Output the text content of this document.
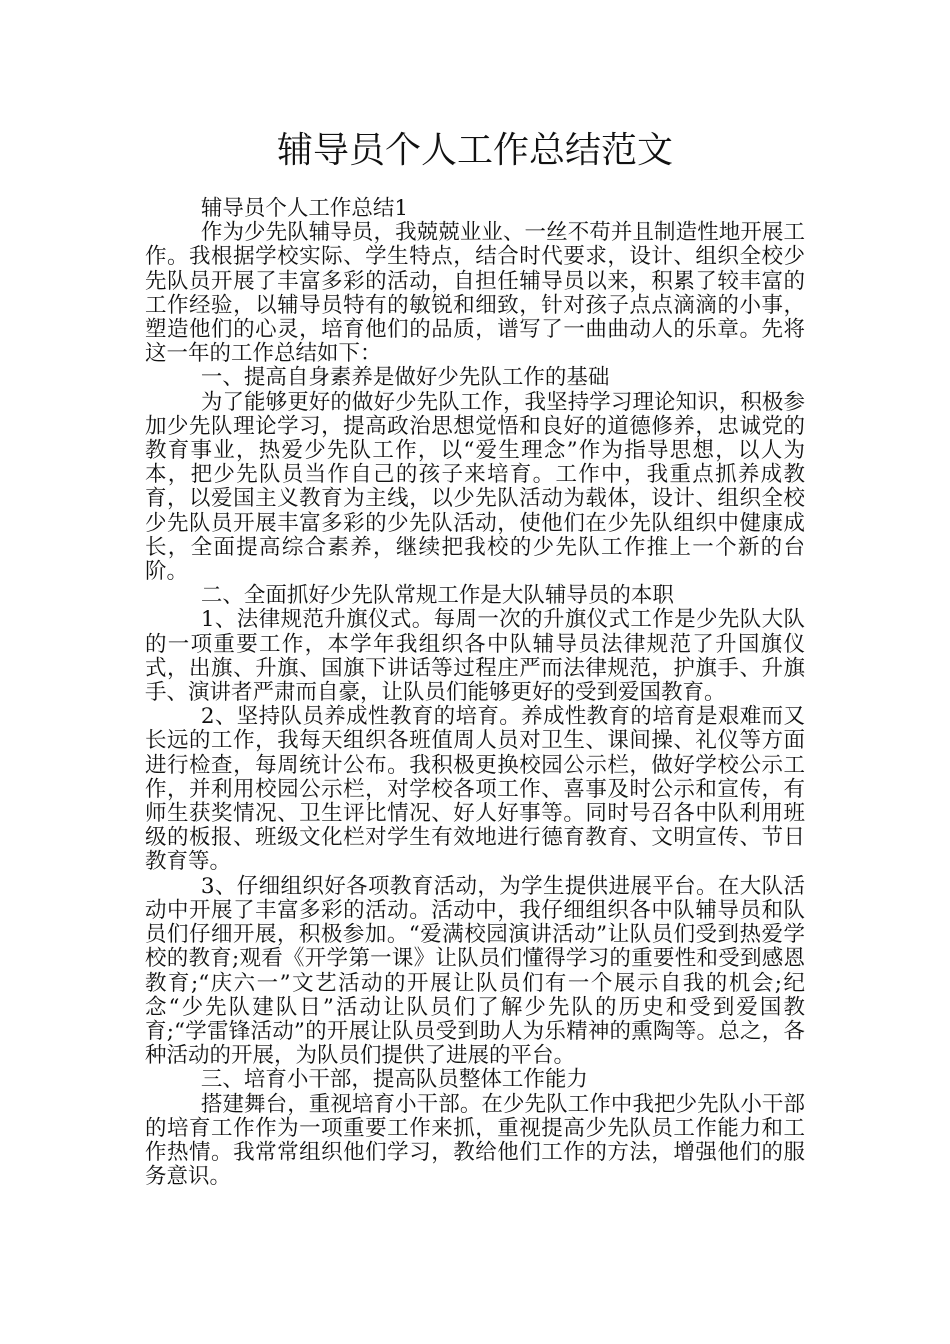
辅导员个人工作总结范文

辅导员个人工作总结1

作为少先队辅导员，我兢兢业业、一丝不苟并且制造性地开展工作。我根据学校实际、学生特点，结合时代要求，设计、组织全校少先队员开展了丰富多彩的活动，自担任辅导员以来，积累了较丰富的工作经验，以辅导员特有的敏锐和细致，针对孩子点点滴滴的小事，塑造他们的心灵，培育他们的品质，谱写了一曲曲动人的乐章。先将这一年的工作总结如下：

一、提高自身素养是做好少先队工作的基础

为了能够更好的做好少先队工作，我坚持学习理论知识，积极参加少先队理论学习，提高政治思想觉悟和良好的道德修养，忠诚党的教育事业，热爱少先队工作，以“爱生理念”作为指导思想，以人为本，把少先队员当作自己的孩子来培育。工作中，我重点抓养成教育，以爱国主义教育为主线，以少先队活动为载体，设计、组织全校少先队员开展丰富多彩的少先队活动，使他们在少先队组织中健康成长，全面提高综合素养，继续把我校的少先队工作推上一个新的台阶。

二、全面抓好少先队常规工作是大队辅导员的本职

1、法律规范升旗仪式。每周一次的升旗仪式工作是少先队大队的一项重要工作，本学年我组织各中队辅导员法律规范了升国旗仪式，出旗、升旗、国旗下讲话等过程庄严而法律规范，护旗手、升旗手、演讲者严肃而自豪，让队员们能够更好的受到爱国教育。

2、坚持队员养成性教育的培育。养成性教育的培育是艰难而又长远的工作，我每天组织各班值周人员对卫生、课间操、礼仪等方面进行检查，每周统计公布。我积极更换校园公示栏，做好学校公示工作，并利用校园公示栏，对学校各项工作、喜事及时公示和宣传，有师生获奖情况、卫生评比情况、好人好事等。同时号召各中队利用班级的板报、班级文化栏对学生有效地进行德育教育、文明宣传、节日教育等。

3、仔细组织好各项教育活动，为学生提供进展平台。在大队活动中开展了丰富多彩的活动。活动中，我仔细组织各中队辅导员和队员们仔细开展，积极参加。“爱满校园演讲活动”让队员们受到热爱学校的教育;观看《开学第一课》让队员们懂得学习的重要性和受到感恩教育;“庆六一”文艺活动的开展让队员们有一个展示自我的机会;纪念“少先队建队日”活动让队员们了解少先队的历史和受到爱国教育;“学雷锋活动”的开展让队员受到助人为乐精神的熏陶等。总之，各种活动的开展，为队员们提供了进展的平台。

三、培育小干部，提高队员整体工作能力

搭建舞台，重视培育小干部。在少先队工作中我把少先队小干部的培育工作作为一项重要工作来抓，重视提高少先队员工作能力和工作热情。我常常组织他们学习，教给他们工作的方法，增强他们的服务意识。
